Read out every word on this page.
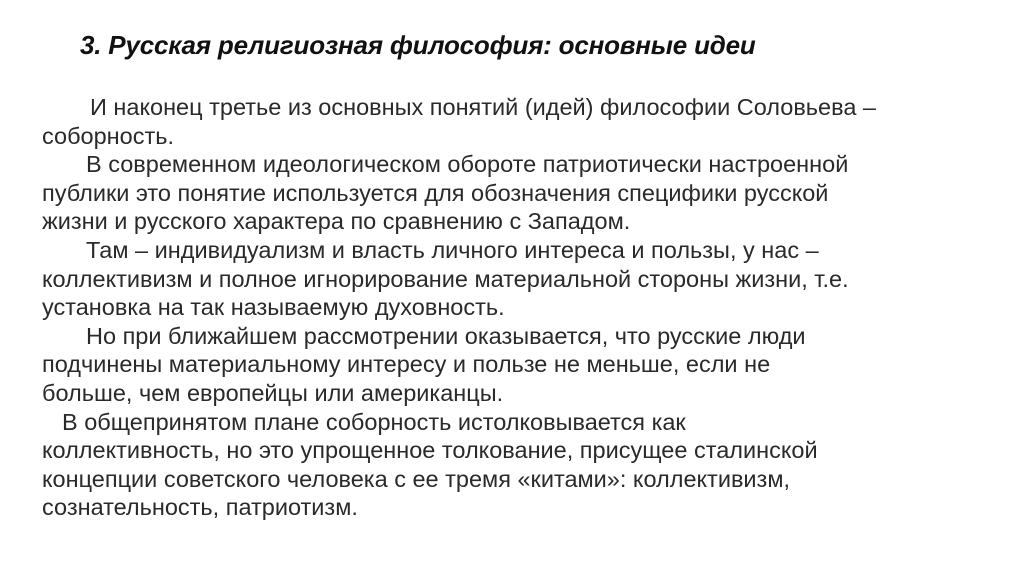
3. Русская религиозная философия: основные идеи
И наконец третье из основных понятий (идей) философии Соловьева –
соборность.
В современном идеологическом обороте патриотически настроенной
публики это понятие используется для обозначения специфики русской
жизни и русского характера по сравнению с Западом.
Там – индивидуализм и власть личного интереса и пользы, у нас –
коллективизм и полное игнорирование материальной стороны жизни, т.е.
установка на так называемую духовность.
Но при ближайшем рассмотрении оказывается, что русские люди
подчинены материальному интересу и пользе не меньше, если не
больше, чем европейцы или американцы.
В общепринятом плане соборность истолковывается как
коллективность, но это упрощенное толкование, присущее сталинской
концепции советского человека с ее тремя «китами»: коллективизм,
сознательность, патриотизм.
